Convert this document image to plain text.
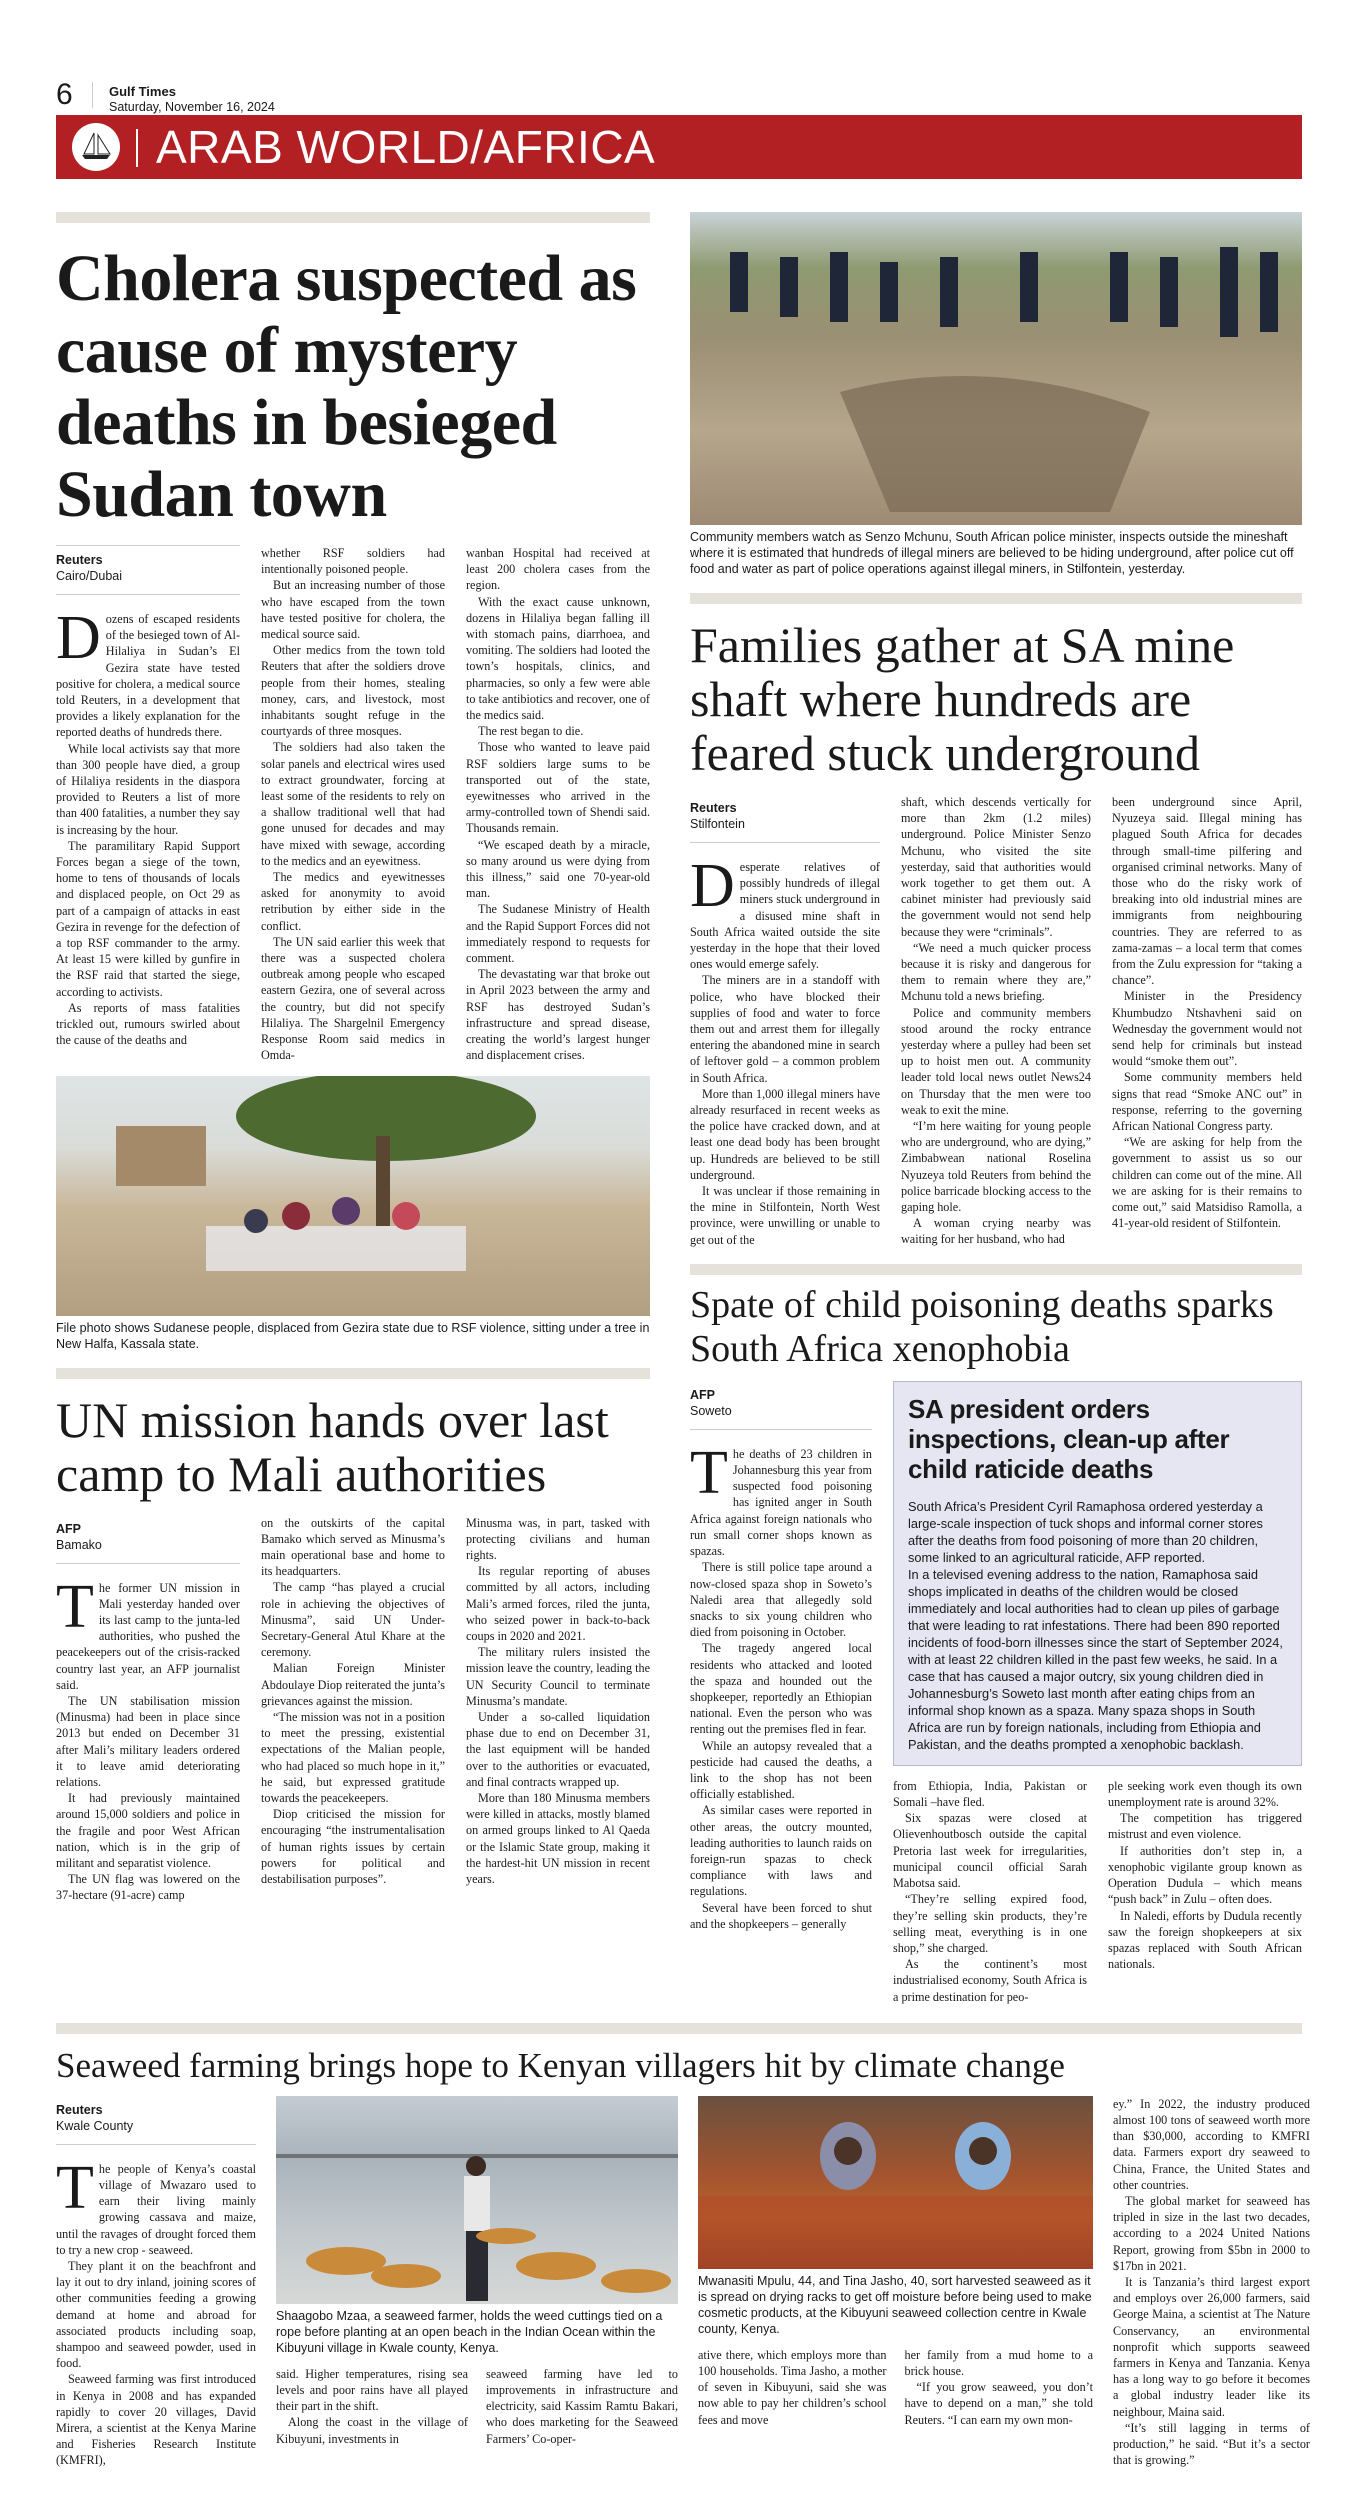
6	Gulf Times
Saturday, November 16, 2024
ARAB WORLD/AFRICA
Cholera suspected as cause of mystery deaths in besieged Sudan town
Reuters
Cairo/Dubai

Dozens of escaped residents of the besieged town of Al-Hilaliya in Sudan’s El Gezira state have tested positive for cholera, a medical source told Reuters, in a development that provides a likely explanation for the reported deaths of hundreds there.

While local activists say that more than 300 people have died, a group of Hilaliya residents in the diaspora provided to Reuters a list of more than 400 fatalities, a number they say is increasing by the hour.

The paramilitary Rapid Support Forces began a siege of the town, home to tens of thousands of locals and displaced people, on Oct 29 as part of a campaign of attacks in east Gezira in revenge for the defection of a top RSF commander to the army. At least 15 were killed by gunfire in the RSF raid that started the siege, according to activists.

As reports of mass fatalities trickled out, rumours swirled about the cause of the deaths and

whether RSF soldiers had intentionally poisoned people.

But an increasing number of those who have escaped from the town have tested positive for cholera, the medical source said.

Other medics from the town told Reuters that after the soldiers drove people from their homes, stealing money, cars, and livestock, most inhabitants sought refuge in the courtyards of three mosques.

The soldiers had also taken the solar panels and electrical wires used to extract groundwater, forcing at least some of the residents to rely on a shallow traditional well that had gone unused for decades and may have mixed with sewage, according to the medics and an eyewitness.

The medics and eyewitnesses asked for anonymity to avoid retribution by either side in the conflict.

The UN said earlier this week that there was a suspected cholera outbreak among people who escaped eastern Gezira, one of several across the country, but did not specify Hilaliya. The Shargelnil Emergency Response Room said medics in Omda-

wanban Hospital had received at least 200 cholera cases from the region.

With the exact cause unknown, dozens in Hilaliya began falling ill with stomach pains, diarrhoea, and vomiting. The soldiers had looted the town’s hospitals, clinics, and pharmacies, so only a few were able to take antibiotics and recover, one of the medics said.

The rest began to die.

Those who wanted to leave paid RSF soldiers large sums to be transported out of the state, eyewitnesses who arrived in the army-controlled town of Shendi said. Thousands remain.

“We escaped death by a miracle, so many around us were dying from this illness,” said one 70-year-old man.

The Sudanese Ministry of Health and the Rapid Support Forces did not immediately respond to requests for comment.

The devastating war that broke out in April 2023 between the army and RSF has destroyed Sudan’s infrastructure and spread disease, creating the world’s largest hunger and displacement crises.

File photo shows Sudanese people, displaced from Gezira state due to RSF violence, sitting under a tree in New Halfa, Kassala state.
UN mission hands over last camp to Mali authorities
AFP
Bamako

The former UN mission in Mali yesterday handed over its last camp to the junta-led authorities, who pushed the peacekeepers out of the crisis-racked country last year, an AFP journalist said.

The UN stabilisation mission (Minusma) had been in place since 2013 but ended on December 31 after Mali’s military leaders ordered it to leave amid deteriorating relations.

It had previously maintained around 15,000 soldiers and police in the fragile and poor West African nation, which is in the grip of militant and separatist violence.

The UN flag was lowered on the 37-hectare (91-acre) camp

on the outskirts of the capital Bamako which served as Minusma’s main operational base and home to its headquarters.

The camp “has played a crucial role in achieving the objectives of Minusma”, said UN Under-Secretary-General Atul Khare at the ceremony.

Malian Foreign Minister Abdoulaye Diop reiterated the junta’s grievances against the mission.

“The mission was not in a position to meet the pressing, existential expectations of the Malian people, who had placed so much hope in it,” he said, but expressed gratitude towards the peacekeepers.

Diop criticised the mission for encouraging “the instrumentalisation of human rights issues by certain powers for political and destabilisation purposes”.

Minusma was, in part, tasked with protecting civilians and human rights.

Its regular reporting of abuses committed by all actors, including Mali’s armed forces, riled the junta, who seized power in back-to-back coups in 2020 and 2021.

The military rulers insisted the mission leave the country, leading the UN Security Council to terminate Minusma’s mandate.

Under a so-called liquidation phase due to end on December 31, the last equipment will be handed over to the authorities or evacuated, and final contracts wrapped up.

More than 180 Minusma members were killed in attacks, mostly blamed on armed groups linked to Al Qaeda or the Islamic State group, making it the hardest-hit UN mission in recent years.

Community members watch as Senzo Mchunu, South African police minister, inspects outside the mineshaft where it is estimated that hundreds of illegal miners are believed to be hiding underground, after police cut off food and water as part of police operations against illegal miners, in Stilfontein, yesterday.
Families gather at SA mine shaft where hundreds are feared stuck underground
Reuters
Stilfontein

Desperate relatives of possibly hundreds of illegal miners stuck underground in a disused mine shaft in South Africa waited outside the site yesterday in the hope that their loved ones would emerge safely.

The miners are in a standoff with police, who have blocked their supplies of food and water to force them out and arrest them for illegally entering the abandoned mine in search of leftover gold – a common problem in South Africa.

More than 1,000 illegal miners have already resurfaced in recent weeks as the police have cracked down, and at least one dead body has been brought up. Hundreds are believed to be still underground.

It was unclear if those remaining in the mine in Stilfontein, North West province, were unwilling or unable to get out of the

shaft, which descends vertically for more than 2km (1.2 miles) underground. Police Minister Senzo Mchunu, who visited the site yesterday, said that authorities would work together to get them out. A cabinet minister had previously said the government would not send help because they were “criminals”.

“We need a much quicker process because it is risky and dangerous for them to remain where they are,” Mchunu told a news briefing.

Police and community members stood around the rocky entrance yesterday where a pulley had been set up to hoist men out. A community leader told local news outlet News24 on Thursday that the men were too weak to exit the mine.

“I’m here waiting for young people who are underground, who are dying,” Zimbabwean national Roselina Nyuzeya told Reuters from behind the police barricade blocking access to the gaping hole.

A woman crying nearby was waiting for her husband, who had

been underground since April, Nyuzeya said. Illegal mining has plagued South Africa for decades through small-time pilfering and organised criminal networks. Many of those who do the risky work of breaking into old industrial mines are immigrants from neighbouring countries. They are referred to as zama-zamas – a local term that comes from the Zulu expression for “taking a chance”.

Minister in the Presidency Khumbudzo Ntshavheni said on Wednesday the government would not send help for criminals but instead would “smoke them out”.

Some community members held signs that read “Smoke ANC out” in response, referring to the governing African National Congress party.

“We are asking for help from the government to assist us so our children can come out of the mine. All we are asking for is their remains to come out,” said Matsidiso Ramolla, a 41-year-old resident of Stilfontein.

Spate of child poisoning deaths sparks South Africa xenophobia
AFP
Soweto

The deaths of 23 children in Johannesburg this year from suspected food poisoning has ignited anger in South Africa against foreign nationals who run small corner shops known as spazas.

There is still police tape around a now-closed spaza shop in Soweto’s Naledi area that allegedly sold snacks to six young children who died from poisoning in October.

The tragedy angered local residents who attacked and looted the spaza and hounded out the shopkeeper, reportedly an Ethiopian national. Even the person who was renting out the premises fled in fear.

While an autopsy revealed that a pesticide had caused the deaths, a link to the shop has not been officially established.

As similar cases were reported in other areas, the outcry mounted, leading authorities to launch raids on foreign-run spazas to check compliance with laws and regulations.

Several have been forced to shut and the shopkeepers – generally

SA president orders inspections, clean-up after child raticide deaths

South Africa’s President Cyril Ramaphosa ordered yesterday a large-scale inspection of tuck shops and informal corner stores after the deaths from food poisoning of more than 20 children, some linked to an agricultural raticide, AFP reported.

In a televised evening address to the nation, Ramaphosa said shops implicated in deaths of the children would be closed immediately and local authorities had to clean up piles of garbage that were leading to rat infestations. There had been 890 reported incidents of food-born illnesses since the start of September 2024, with at least 22 children killed in the past few weeks, he said. In a case that has caused a major outcry, six young children died in Johannesburg’s Soweto last month after eating chips from an informal shop known as a spaza. Many spaza shops in South Africa are run by foreign nationals, including from Ethiopia and Pakistan, and the deaths prompted a xenophobic backlash.

from Ethiopia, India, Pakistan or Somali –have fled.

Six spazas were closed at Olievenhoutbosch outside the capital Pretoria last week for irregularities, municipal council official Sarah Mabotsa said.

“They’re selling expired food, they’re selling skin products, they’re selling meat, everything is in one shop,” she charged.

As the continent’s most industrialised economy, South Africa is a prime destination for peo-

ple seeking work even though its own unemployment rate is around 32%.

The competition has triggered mistrust and even violence.

If authorities don’t step in, a xenophobic vigilante group known as Operation Dudula – which means “push back” in Zulu – often does.

In Naledi, efforts by Dudula recently saw the foreign shopkeepers at six spazas replaced with South African nationals.

Seaweed farming brings hope to Kenyan villagers hit by climate change
Reuters
Kwale County

The people of Kenya’s coastal village of Mwazaro used to earn their living mainly growing cassava and maize, until the ravages of drought forced them to try a new crop - seaweed.

They plant it on the beachfront and lay it out to dry inland, joining scores of other communities feeding a growing demand at home and abroad for associated products including soap, shampoo and seaweed powder, used in food.

Seaweed farming was first introduced in Kenya in 2008 and has expanded rapidly to cover 20 villages, David Mirera, a scientist at the Kenya Marine and Fisheries Research Institute (KMFRI),

Shaagobo Mzaa, a seaweed farmer, holds the weed cuttings tied on a rope before planting at an open beach in the Indian Ocean within the Kibuyuni village in Kwale county, Kenya.

said. Higher temperatures, rising sea levels and poor rains have all played their part in the shift.

Along the coast in the village of Kibuyuni, investments in

seaweed farming have led to improvements in infrastructure and electricity, said Kassim Ramtu Bakari, who does marketing for the Seaweed Farmers’ Co-oper-

Mwanasiti Mpulu, 44, and Tina Jasho, 40, sort harvested seaweed as it is spread on drying racks to get off moisture before being used to make cosmetic products, at the Kibuyuni seaweed collection centre in Kwale county, Kenya.

ative there, which employs more than 100 households. Tima Jasho, a mother of seven in Kibuyuni, said she was now able to pay her children’s school fees and move

her family from a mud home to a brick house.

“If you grow seaweed, you don’t have to depend on a man,” she told Reuters. “I can earn my own mon-

ey.” In 2022, the industry produced almost 100 tons of seaweed worth more than $30,000, according to KMFRI data. Farmers export dry seaweed to China, France, the United States and other countries.

The global market for seaweed has tripled in size in the last two decades, according to a 2024 United Nations Report, growing from $5bn in 2000 to $17bn in 2021.

It is Tanzania’s third largest export and employs over 26,000 farmers, said George Maina, a scientist at The Nature Conservancy, an environmental nonprofit which supports seaweed farmers in Kenya and Tanzania. Kenya has a long way to go before it becomes a global industry leader like its neighbour, Maina said.

“It’s still lagging in terms of production,” he said. “But it’s a sector that is growing.”
